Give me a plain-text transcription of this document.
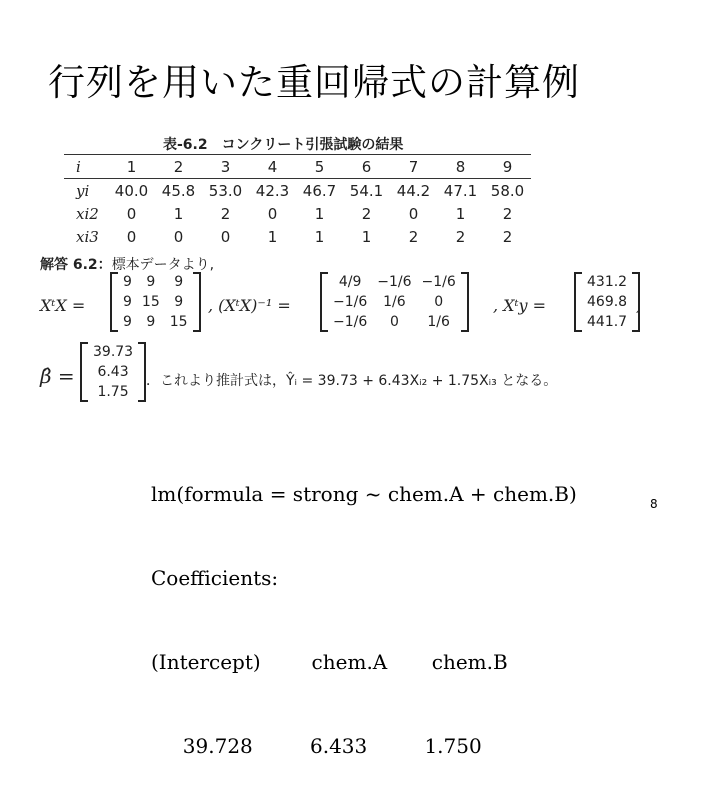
行列を用いた重回帰式の計算例
表-6.2　コンクリート引張試験の結果
i	1	2	3	4	5	6	7	8	9
yi	40.0	45.8	53.0	42.3	46.7	54.1	44.2	47.1	58.0
xi2	0	1	2	0	1	2	0	1	2
xi3	0	0	0	1	1	1	2	2	2
解答 6.2：標本データより,
XᵗX =
9	9	9
9	15	9
9	9	15
, (XᵗX)⁻¹ =
4/9	−1/6	−1/6
−1/6	1/6	0
−1/6	0	1/6
, Xᵗy =
431.2
469.8
441.7
,
β̂ =
39.73
6.43
1.75
．これより推計式は，Ŷᵢ = 39.73 + 6.43Xᵢ₂ + 1.75Xᵢ₃ となる。

lm(formula = strong ~ chem.A + chem.B)

Coefficients:

(Intercept)        chem.A       chem.B

39.728         6.433         1.750

8
